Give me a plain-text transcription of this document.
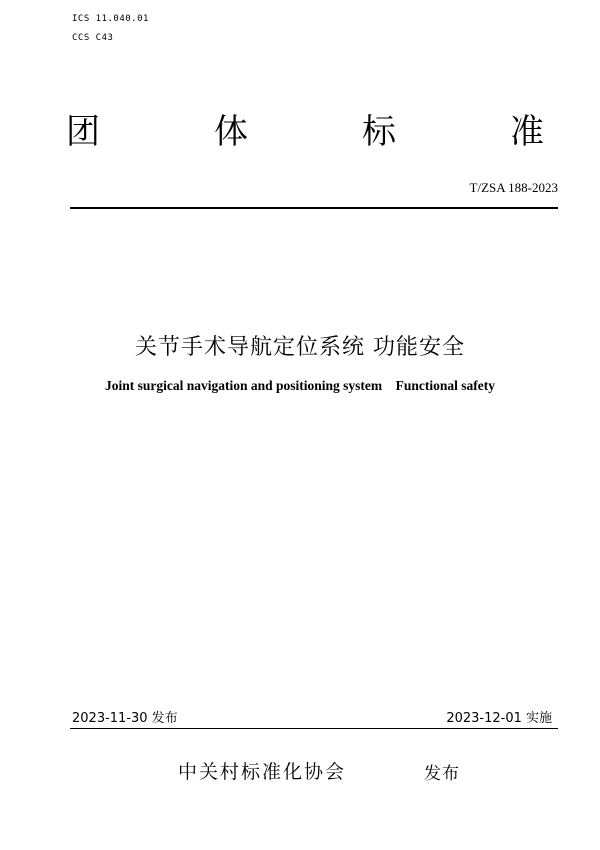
ICS 11.040.01
CCS C43
团	体	标	准
T/ZSA 188-2023
关节手术导航定位系统 功能安全
Joint surgical navigation and positioning system    Functional safety
2023-11-30 发布	2023-12-01 实施
中关村标准化协会	发布
